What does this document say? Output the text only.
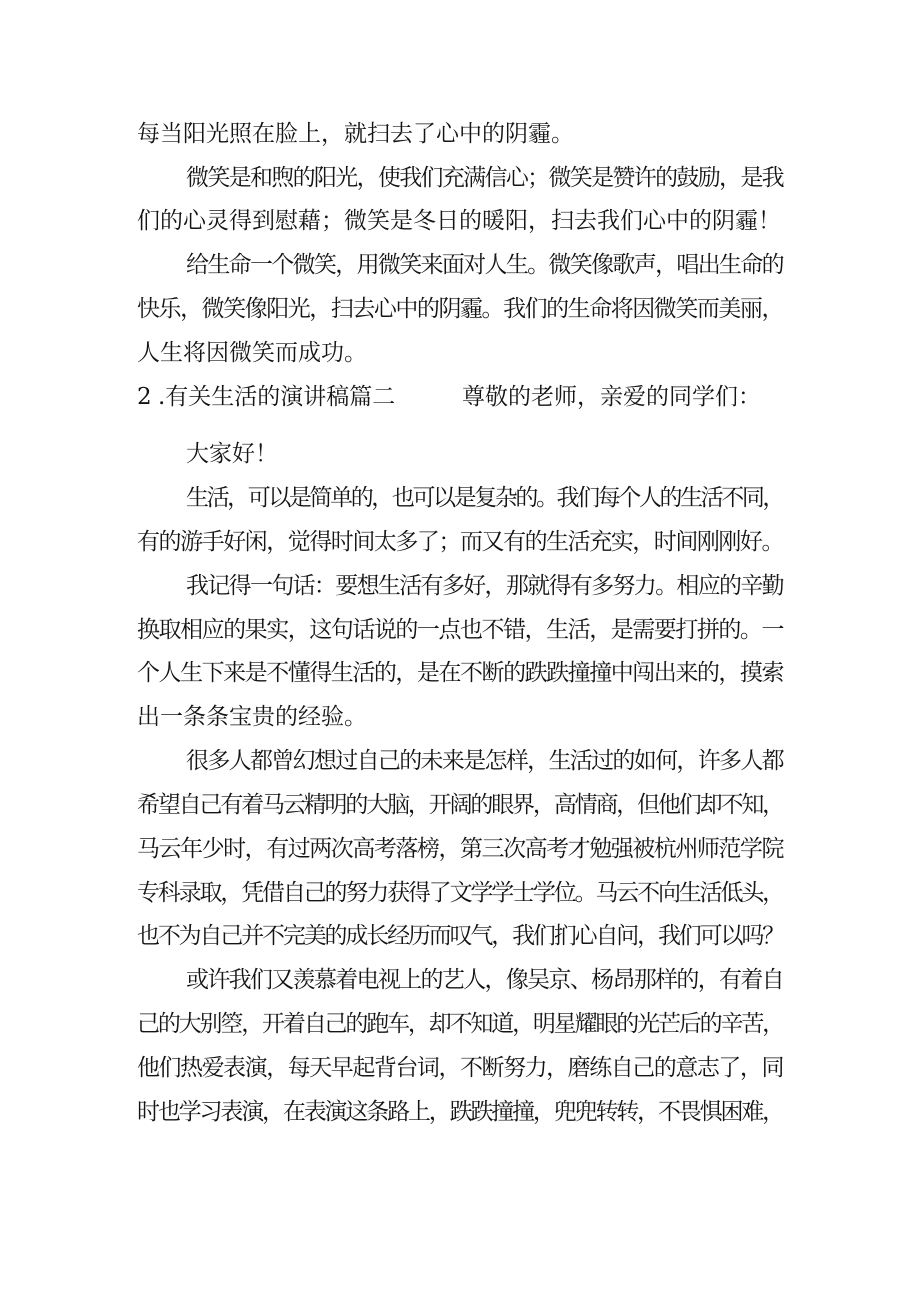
每当阳光照在脸上，就扫去了心中的阴霾。
微笑是和煦的阳光，使我们充满信心；微笑是赞许的鼓励，是我
们的心灵得到慰藉；微笑是冬日的暖阳，扫去我们心中的阴霾！
给生命一个微笑，用微笑来面对人生。微笑像歌声，唱出生命的
快乐，微笑像阳光，扫去心中的阴霾。我们的生命将因微笑而美丽，
人生将因微笑而成功。
2 .有关生活的演讲稿篇二	尊敬的老师，亲爱的同学们：
大家好！
生活，可以是简单的，也可以是复杂的。我们每个人的生活不同，
有的游手好闲，觉得时间太多了；而又有的生活充实，时间刚刚好。
我记得一句话：要想生活有多好，那就得有多努力。相应的辛勤
换取相应的果实，这句话说的一点也不错，生活，是需要打拼的。一
个人生下来是不懂得生活的，是在不断的跌跌撞撞中闯出来的，摸索
出一条条宝贵的经验。
很多人都曾幻想过自己的未来是怎样，生活过的如何，许多人都
希望自己有着马云精明的大脑，开阔的眼界，高情商，但他们却不知，
马云年少时，有过两次高考落榜，第三次高考才勉强被杭州师范学院
专科录取，凭借自己的努力获得了文学学士学位。马云不向生活低头，
也不为自己并不完美的成长经历而叹气，我们扪心自问，我们可以吗？
或许我们又羡慕着电视上的艺人，像吴京、杨昂那样的，有着自
己的大别箜，开着自己的跑车，却不知道，明星耀眼的光芒后的辛苦，
他们热爱表演，每天早起背台词，不断努力，磨练自己的意志了，同
时也学习表演，在表演这条路上，跌跌撞撞，兜兜转转，不畏惧困难，
